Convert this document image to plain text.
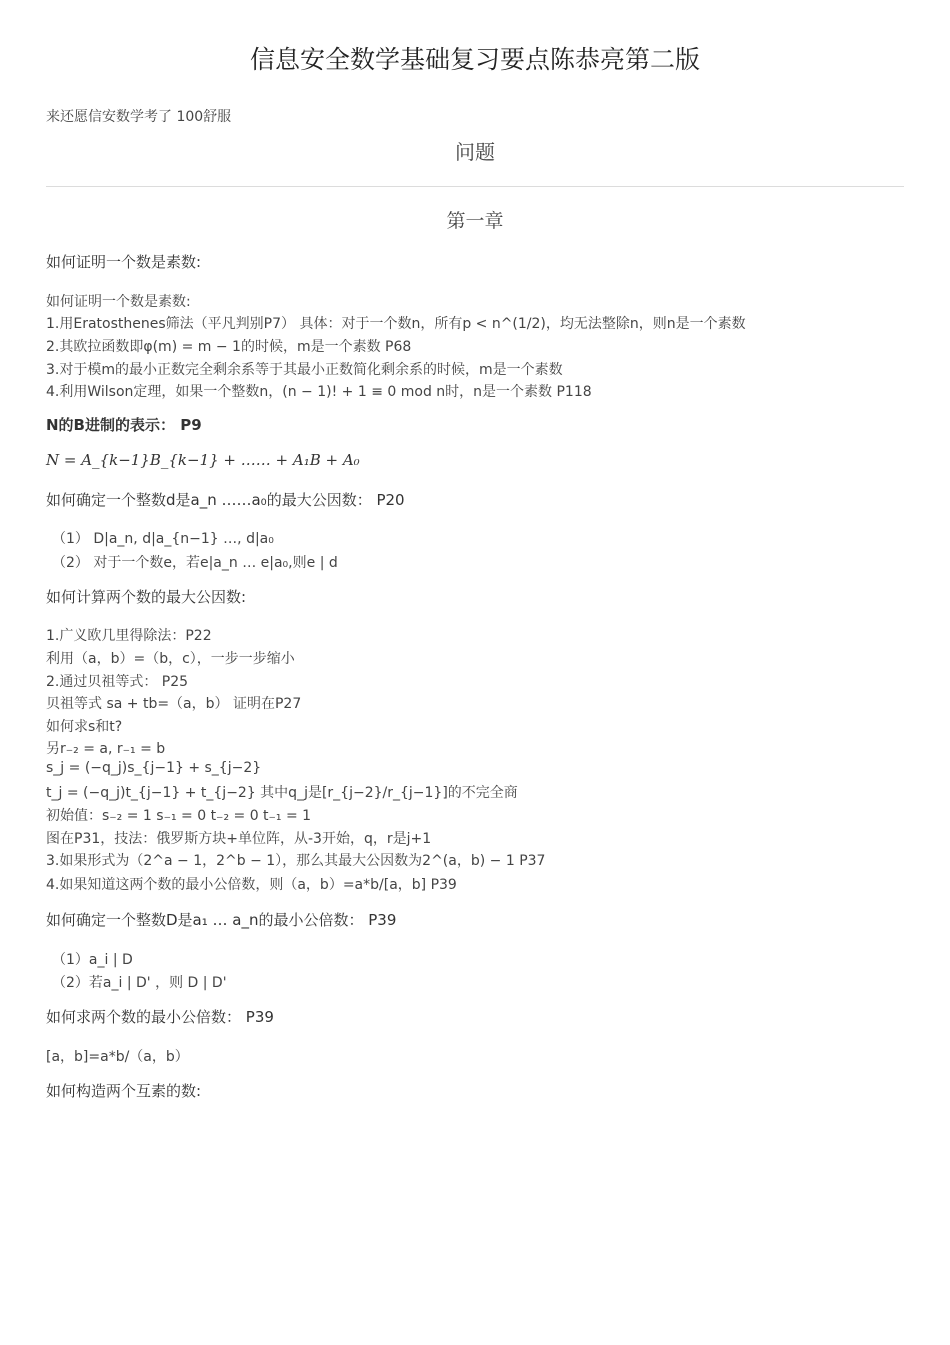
信息安全数学基础复习要点陈恭亮第二版
来还愿信安数学考了 100舒服
问题
第一章
如何证明一个数是素数:
如何证明一个数是素数:
1.用Eratosthenes筛法（平凡判别P7） 具体：对于一个数n，所有p < n^(1/2)，均无法整除n，则n是一个素数
2.其欧拉函数即φ(m) = m − 1的时候，m是一个素数 P68
3.对于模m的最小正数完全剩余系等于其最小正数简化剩余系的时候，m是一个素数
4.利用Wilson定理，如果一个整数n，(n − 1)! + 1 ≡ 0 mod n时，n是一个素数 P118
N的B进制的表示： P9
N = A_{k−1}B_{k−1} + …… + A₁B + A₀
如何确定一个整数d是a_n ……a₀的最大公因数： P20
（1） D|a_n, d|a_{n−1} …, d|a₀
（2） 对于一个数e，若e|a_n … e|a₀,则e | d
如何计算两个数的最大公因数:
1.广义欧几里得除法：P22
利用（a，b）=（b，c），一步一步缩小
2.通过贝祖等式： P25
贝祖等式 sa + tb=（a，b） 证明在P27
如何求s和t?
另r₋₂ = a, r₋₁ = b
s_j = (−q_j)s_{j−1} + s_{j−2}
t_j = (−q_j)t_{j−1} + t_{j−2} 其中q_j是[r_{j−2}/r_{j−1}]的不完全商
初始值：s₋₂ = 1 s₋₁ = 0 t₋₂ = 0 t₋₁ = 1
图在P31，技法：俄罗斯方块+单位阵，从-3开始，q，r是j+1
3.如果形式为（2^a − 1，2^b − 1），那么其最大公因数为2^(a，b) − 1 P37
4.如果知道这两个数的最小公倍数，则（a，b）=a*b/[a，b] P39
如何确定一个整数D是a₁ … a_n的最小公倍数： P39
（1）a_i | D
（2）若a_i | D' ，则 D | D'
如何求两个数的最小公倍数： P39
[a，b]=a*b/（a，b）
如何构造两个互素的数:
